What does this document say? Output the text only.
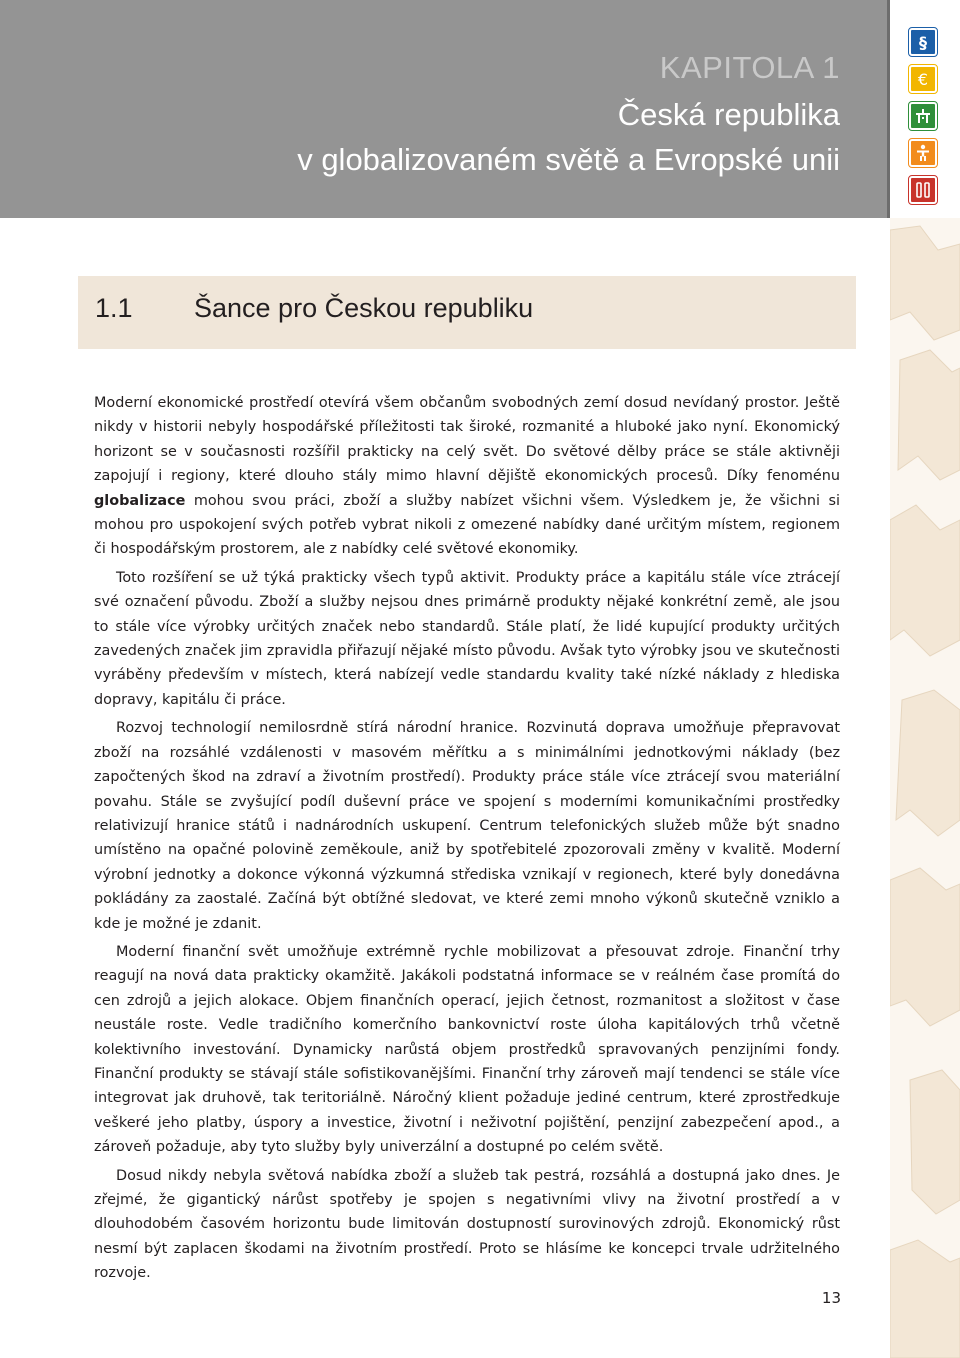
KAPITOLA 1
Česká republika
v globalizovaném světě a Evropské unii
§
€
1.1 Šance pro Českou republiku

Moderní ekonomické prostředí otevírá všem občanům svobodných zemí dosud nevídaný prostor. Ještě nikdy v historii nebyly hospodářské příležitosti tak široké, rozmanité a hluboké jako nyní. Ekonomický horizont se v současnosti rozšířil prakticky na celý svět. Do světové dělby práce se stále aktivněji zapojují i regiony, které dlouho stály mimo hlavní dějiště ekonomických procesů. Díky fenoménu globalizace mohou svou práci, zboží a služby nabízet všichni všem. Výsledkem je, že všichni si mohou pro uspokojení svých potřeb vybrat nikoli z omezené nabídky dané určitým místem, regionem či hospodářským prostorem, ale z nabídky celé světové ekonomiky.

Toto rozšíření se už týká prakticky všech typů aktivit. Produkty práce a kapitálu stále více ztrácejí své označení původu. Zboží a služby nejsou dnes primárně produkty nějaké konkrétní země, ale jsou to stále více výrobky určitých značek nebo standardů. Stále platí, že lidé kupující produkty určitých zavedených značek jim zpravidla přiřazují nějaké místo původu. Avšak tyto výrobky jsou ve skutečnosti vyráběny především v místech, která nabízejí vedle standardu kvality také nízké náklady z hlediska dopravy, kapitálu či práce.

Rozvoj technologií nemilosrdně stírá národní hranice. Rozvinutá doprava umožňuje přepravovat zboží na rozsáhlé vzdálenosti v masovém měřítku a s minimálními jednotkovými náklady (bez započtených škod na zdraví a životním prostředí). Produkty práce stále více ztrácejí svou materiální povahu. Stále se zvyšující podíl duševní práce ve spojení s moderními komunikačními prostředky relativizují hranice států i nadnárodních uskupení. Centrum telefonických služeb může být snadno umístěno na opačné polovině zeměkoule, aniž by spotřebitelé zpozorovali změny v kvalitě. Moderní výrobní jednotky a dokonce výkonná výzkumná střediska vznikají v regionech, které byly donedávna pokládány za zaostalé. Začíná být obtížné sledovat, ve které zemi mnoho výkonů skutečně vzniklo a kde je možné je zdanit.

Moderní finanční svět umožňuje extrémně rychle mobilizovat a přesouvat zdroje. Finanční trhy reagují na nová data prakticky okamžitě. Jakákoli podstatná informace se v reálném čase promítá do cen zdrojů a jejich alokace. Objem finančních operací, jejich četnost, rozmanitost a složitost v čase neustále roste. Vedle tradičního komerčního bankovnictví roste úloha kapitálových trhů včetně kolektivního investování. Dynamicky narůstá objem prostředků spravovaných penzijními fondy. Finanční produkty se stávají stále sofistikovanějšími. Finanční trhy zároveň mají tendenci se stále více integrovat jak druhově, tak teritoriálně. Náročný klient požaduje jediné centrum, které zprostředkuje veškeré jeho platby, úspory a investice, životní i neživotní pojištění, penzijní zabezpečení apod., a zároveň požaduje, aby tyto služby byly univerzální a dostupné po celém světě.

Dosud nikdy nebyla světová nabídka zboží a služeb tak pestrá, rozsáhlá a dostupná jako dnes. Je zřejmé, že gigantický nárůst spotřeby je spojen s negativními vlivy na životní prostředí a v dlouhodobém časovém horizontu bude limitován dostupností surovinových zdrojů. Ekonomický růst nesmí být zaplacen škodami na životním prostředí. Proto se hlásíme ke koncepci trvale udržitelného rozvoje.

13
